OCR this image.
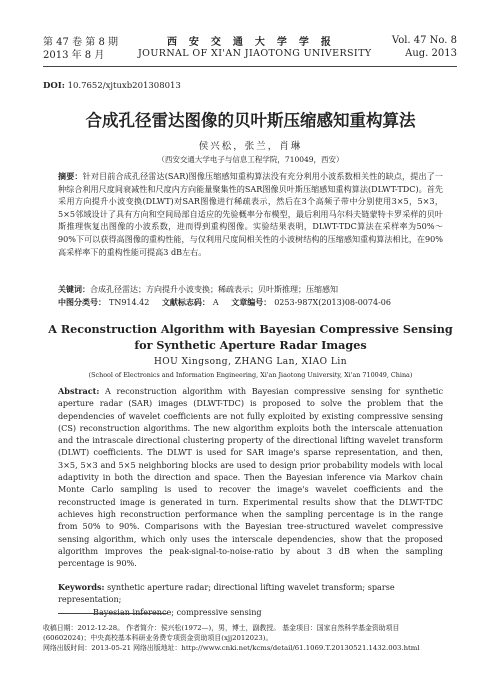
第 47 卷 第 8 期	西安交通大学学报	Vol. 47 No. 8
2013 年 8 月	JOURNAL OF XI'AN JIAOTONG UNIVERSITY	Aug. 2013
DOI: 10.7652/xjtuxb201308013
合成孔径雷达图像的贝叶斯压缩感知重构算法
侯兴松，张兰，肖琳
（西安交通大学电子与信息工程学院，710049，西安）
摘要：针对目前合成孔径雷达(SAR)图像压缩感知重构算法没有充分利用小波系数相关性的缺点，提出了一种综合利用尺度间衰减性和尺度内方向能量聚集性的SAR图像贝叶斯压缩感知重构算法(DLWT-TDC)。首先采用方向提升小波变换(DLWT)对SAR图像进行稀疏表示，然后在3个高频子带中分别使用3×5，5×3，5×5邻域设计了具有方向和空间局部自适应的先验概率分布模型，最后利用马尔科夫链蒙特卡罗采样的贝叶斯推理恢复出图像的小波系数，进而得到重构图像。实验结果表明，DLWT-TDC算法在采样率为50%～90%下可以获得高图像的重构性能，与仅利用尺度间相关性的小波树结构的压缩感知重构算法相比，在90%高采样率下的重构性能可提高3 dB左右。
关键词：合成孔径雷达；方向提升小波变换；稀疏表示；贝叶斯推理；压缩感知
中图分类号： TN914.42 文献标志码： A 文章编号： 0253-987X(2013)08-0074-06
A Reconstruction Algorithm with Bayesian Compressive Sensing
for Synthetic Aperture Radar Images
HOU Xingsong, ZHANG Lan, XIAO Lin
(School of Electronics and Information Engineering, Xi'an Jiaotong University, Xi'an 710049, China)
Abstract: A reconstruction algorithm with Bayesian compressive sensing for synthetic aperture radar (SAR) images (DLWT-TDC) is proposed to solve the problem that the dependencies of wavelet coefficients are not fully exploited by existing compressive sensing (CS) reconstruction algorithms. The new algorithm exploits both the interscale attenuation and the intrascale directional clustering property of the directional lifting wavelet transform (DLWT) coefficients. The DLWT is used for SAR image's sparse representation, and then, 3×5, 5×3 and 5×5 neighboring blocks are used to design prior probability models with local adaptivity in both the direction and space. Then the Bayesian inference via Markov chain Monte Carlo sampling is used to recover the image's wavelet coefficients and the reconstructed image is generated in turn. Experimental results show that the DLWT-TDC achieves high reconstruction performance when the sampling percentage is in the range from 50% to 90%. Comparisons with the Bayesian tree-structured wavelet compressive sensing algorithm, which only uses the interscale dependencies, show that the proposed algorithm improves the peak-signal-to-noise-ratio by about 3 dB when the sampling percentage is 90%.
Keywords: synthetic aperture radar; directional lifting wavelet transform; sparse representation;
Bayesian inference; compressive sensing
收稿日期：2012-12-28。 作者简介：侯兴松(1972—)，男，博士，副教授。 基金项目：国家自然科学基金资助项目
(60602024)；中央高校基本科研业务费专项资金资助项目(xjj2012023)。
网络出版时间：2013-05-21 网络出版地址：http://www.cnki.net/kcms/detail/61.1069.T.20130521.1432.003.html
